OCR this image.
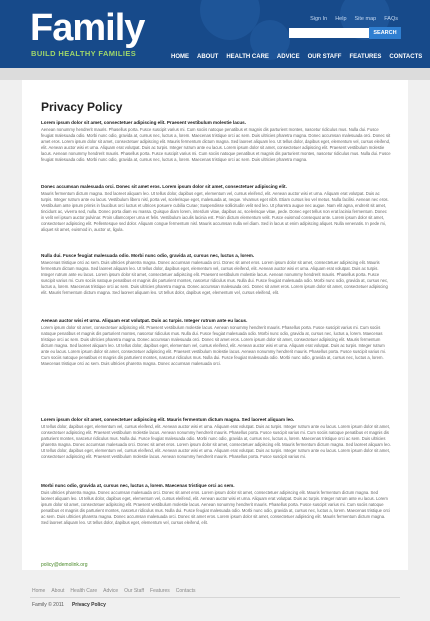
Family
BUILD HEALTHY FAMILIES
Sign In Help Site map FAQs
SEARCH
HOME ABOUT HEALTH CARE ADVICE OUR STAFF FEATURES CONTACTS
Privacy Policy
Lorem ipsum dolor sit amet, consectetuer adipiscing elit. Praesent vestibulum molestie lacus.
Aenean nonummy hendrerit mauris. Phasellus porta. Fusce suscipit varius mi. Cum sociis natoque penatibus et magnis dis parturient montes, nascetur ridiculus mus. Nulla dui. Fusce feugiat malesuada odio. Morbi nunc odio, gravida at, cursus nec, luctus a, lorem. Maecenas tristique orci ac sem. Duis ultricies pharetra magna. Donec accumsan malesuada orci. Donec sit amet eros. Lorem ipsum dolor sit amet, consectetuer adipiscing elit. Mauris fermentum dictum magna. Sed laoreet aliquam leo. Ut tellus dolor, dapibus eget, elementum vel, cursus eleifend, elit. Aenean auctor wisi et urna. Aliquam erat volutpat. Duis ac turpis. Integer rutrum ante eu lacus. Lorem ipsum dolor sit amet, consectetuer adipiscing elit. Praesent vestibulum molestie lacus. Aenean nonummy hendrerit mauris. Phasellus porta. Fusce suscipit varius mi. Cum sociis natoque penatibus et magnis dis parturient montes, nascetur ridiculus mus. Nulla dui. Fusce feugiat malesuada odio. Morbi nunc odio, gravida at, cursus nec, luctus a, lorem. Maecenas tristique orci ac sem. Duis ultricies pharetra magna.
Donec accumsan malesuada orci. Donec sit amet eros. Lorem ipsum dolor sit amet, consectetuer adipiscing elit.
Mauris fermentum dictum magna. Sed laoreet aliquam leo. Ut tellus dolor, dapibus eget, elementum vel, cursus eleifend, elit. Aenean auctor wisi et urna. Aliquam erat volutpat. Duis ac turpis. Integer rutrum ante eu lacus. Vestibulum libero nisl, porta vel, scelerisque eget, malesuada at, neque. Vivamus eget nibh. Etiam cursus leo vel metus. Nulla facilisi. Aenean nec eros. Vestibulum ante ipsum primis in faucibus orci luctus et ultrices posuere cubilia Curae; Suspendisse sollicitudin velit sed leo. Ut pharetra augue nec augue. Nam elit agna, endrerit sit amet, tincidunt ac, viverra sed, nulla. Donec porta diam eu massa. Quisque diam lorem, interdum vitae, dapibus ac, scelerisque vitae, pede. Donec eget tellus non erat lacinia fermentum. Donec in velit vel ipsum auctor pulvinar. Proin ullamcorper urna et felis. Vestibulum iaculis lacinia est. Proin dictum elementum velit. Fusce euismod consequat ante. Lorem ipsum dolor sit amet, consectetuer adipiscing elit. Pellentesque sed dolor. Aliquam congue fermentum nisl. Mauris accumsan nulla vel diam. Sed in lacus ut enim adipiscing aliquet. Nulla venenatis. In pede mi, aliquet sit amet, euismod in, auctor ut, ligula.
Nulla dui. Fusce feugiat malesuada odio. Morbi nunc odio, gravida at, cursus nec, luctus a, lorem.
Maecenas tristique orci ac sem. Duis ultricies pharetra magna. Donec accumsan malesuada orci. Donec sit amet eros. Lorem ipsum dolor sit amet, consectetuer adipiscing elit. Mauris fermentum dictum magna. Sed laoreet aliquam leo. Ut tellus dolor, dapibus eget, elementum vel, cursus eleifend, elit. Aenean auctor wisi et urna. Aliquam erat volutpat. Duis ac turpis. Integer rutrum ante eu lacus. Lorem ipsum dolor sit amet, consectetuer adipiscing elit. Praesent vestibulum molestie lacus. Aenean nonummy hendrerit mauris. Phasellus porta. Fusce suscipit varius mi. Cum sociis natoque penatibus et magnis dis parturient montes, nascetur ridiculus mus. Nulla dui. Fusce feugiat malesuada odio. Morbi nunc odio, gravida at, cursus nec, luctus a, lorem. Maecenas tristique orci ac sem. Duis ultricies pharetra magna. Donec accumsan malesuada orci. Donec sit amet eros. Lorem ipsum dolor sit amet, consectetuer adipiscing elit. Mauris fermentum dictum magna. Sed laoreet aliquam leo. Ut tellus dolor, dapibus eget, elementum vel, cursus eleifend, elit.
Aenean auctor wisi et urna. Aliquam erat volutpat. Duis ac turpis. Integer rutrum ante eu lacus.
Lorem ipsum dolor sit amet, consectetuer adipiscing elit. Praesent vestibulum molestie lacus. Aenean nonummy hendrerit mauris. Phasellus porta. Fusce suscipit varius mi. Cum sociis natoque penatibus et magnis dis parturient montes, nascetur ridiculus mus. Nulla dui. Fusce feugiat malesuada odio. Morbi nunc odio, gravida at, cursus nec, luctus a, lorem. Maecenas tristique orci ac sem. Duis ultricies pharetra magna. Donec accumsan malesuada orci. Donec sit amet eros. Lorem ipsum dolor sit amet, consectetuer adipiscing elit. Mauris fermentum dictum magna. Sed laoreet aliquam leo. Ut tellus dolor, dapibus eget, elementum vel, cursus eleifend, elit. Aenean auctor wisi et urna. Aliquam erat volutpat. Duis ac turpis. Integer rutrum ante eu lacus. Lorem ipsum dolor sit amet, consectetuer adipiscing elit. Praesent vestibulum molestie lacus. Aenean nonummy hendrerit mauris. Phasellus porta. Fusce suscipit varius mi. Cum sociis natoque penatibus et magnis dis parturient montes, nascetur ridiculus mus. Nulla dui. Fusce feugiat malesuada odio. Morbi nunc odio, gravida at, cursus nec, luctus a, lorem. Maecenas tristique orci ac sem. Duis ultricies pharetra magna. Donec accumsan malesuada orci.
Lorem ipsum dolor sit amet, consectetuer adipiscing elit. Mauris fermentum dictum magna. Sed laoreet aliquam leo.
Ut tellus dolor, dapibus eget, elementum vel, cursus eleifend, elit. Aenean auctor wisi et urna. Aliquam erat volutpat. Duis ac turpis. Integer rutrum ante eu lacus. Lorem ipsum dolor sit amet, consectetuer adipiscing elit. Praesent vestibulum molestie lacus. Aenean nonummy hendrerit mauris. Phasellus porta. Fusce suscipit varius mi. Cum sociis natoque penatibus et magnis dis parturient montes, nascetur ridiculus mus. Nulla dui. Fusce feugiat malesuada odio. Morbi nunc odio, gravida at, cursus nec, luctus a, lorem. Maecenas tristique orci ac sem. Duis ultricies pharetra magna. Donec accumsan malesuada orci. Donec sit amet eros. Lorem ipsum dolor sit amet, consectetuer adipiscing elit. Mauris fermentum dictum magna. Sed laoreet aliquam leo. Ut tellus dolor, dapibus eget, elementum vel, cursus eleifend, elit. Aenean auctor wisi et urna. Aliquam erat volutpat. Duis ac turpis. Integer rutrum ante eu lacus. Lorem ipsum dolor sit amet, consectetuer adipiscing elit. Praesent vestibulum molestie lacus. Aenean nonummy hendrerit mauris. Phasellus porta. Fusce suscipit varius mi.
Morbi nunc odio, gravida at, cursus nec, luctus a, lorem. Maecenas tristique orci ac sem.
Duis ultricies pharetra magna. Donec accumsan malesuada orci. Donec sit amet eros. Lorem ipsum dolor sit amet, consectetuer adipiscing elit. Mauris fermentum dictum magna. Sed laoreet aliquam leo. Ut tellus dolor, dapibus eget, elementum vel, cursus eleifend, elit. Aenean auctor wisi et urna. Aliquam erat volutpat. Duis ac turpis. Integer rutrum ante eu lacus. Lorem ipsum dolor sit amet, consectetuer adipiscing elit. Praesent vestibulum molestie lacus. Aenean nonummy hendrerit mauris. Phasellus porta. Fusce suscipit varius mi. Cum sociis natoque penatibus et magnis dis parturient montes, nascetur ridiculus mus. Nulla dui. Fusce feugiat malesuada odio. Morbi nunc odio, gravida at, cursus nec, luctus a, lorem. Maecenas tristique orci ac sem. Duis ultricies pharetra magna. Donec accumsan malesuada orci. Donec sit amet eros. Lorem ipsum dolor sit amet, consectetuer adipiscing elit. Mauris fermentum dictum magna. Sed laoreet aliquam leo. Ut tellus dolor, dapibus eget, elementum vel, cursus eleifend, elit.
policy@demolink.org
Home About Health Care Advice Our Staff Features Contacts
Family © 2011 Privacy Policy
